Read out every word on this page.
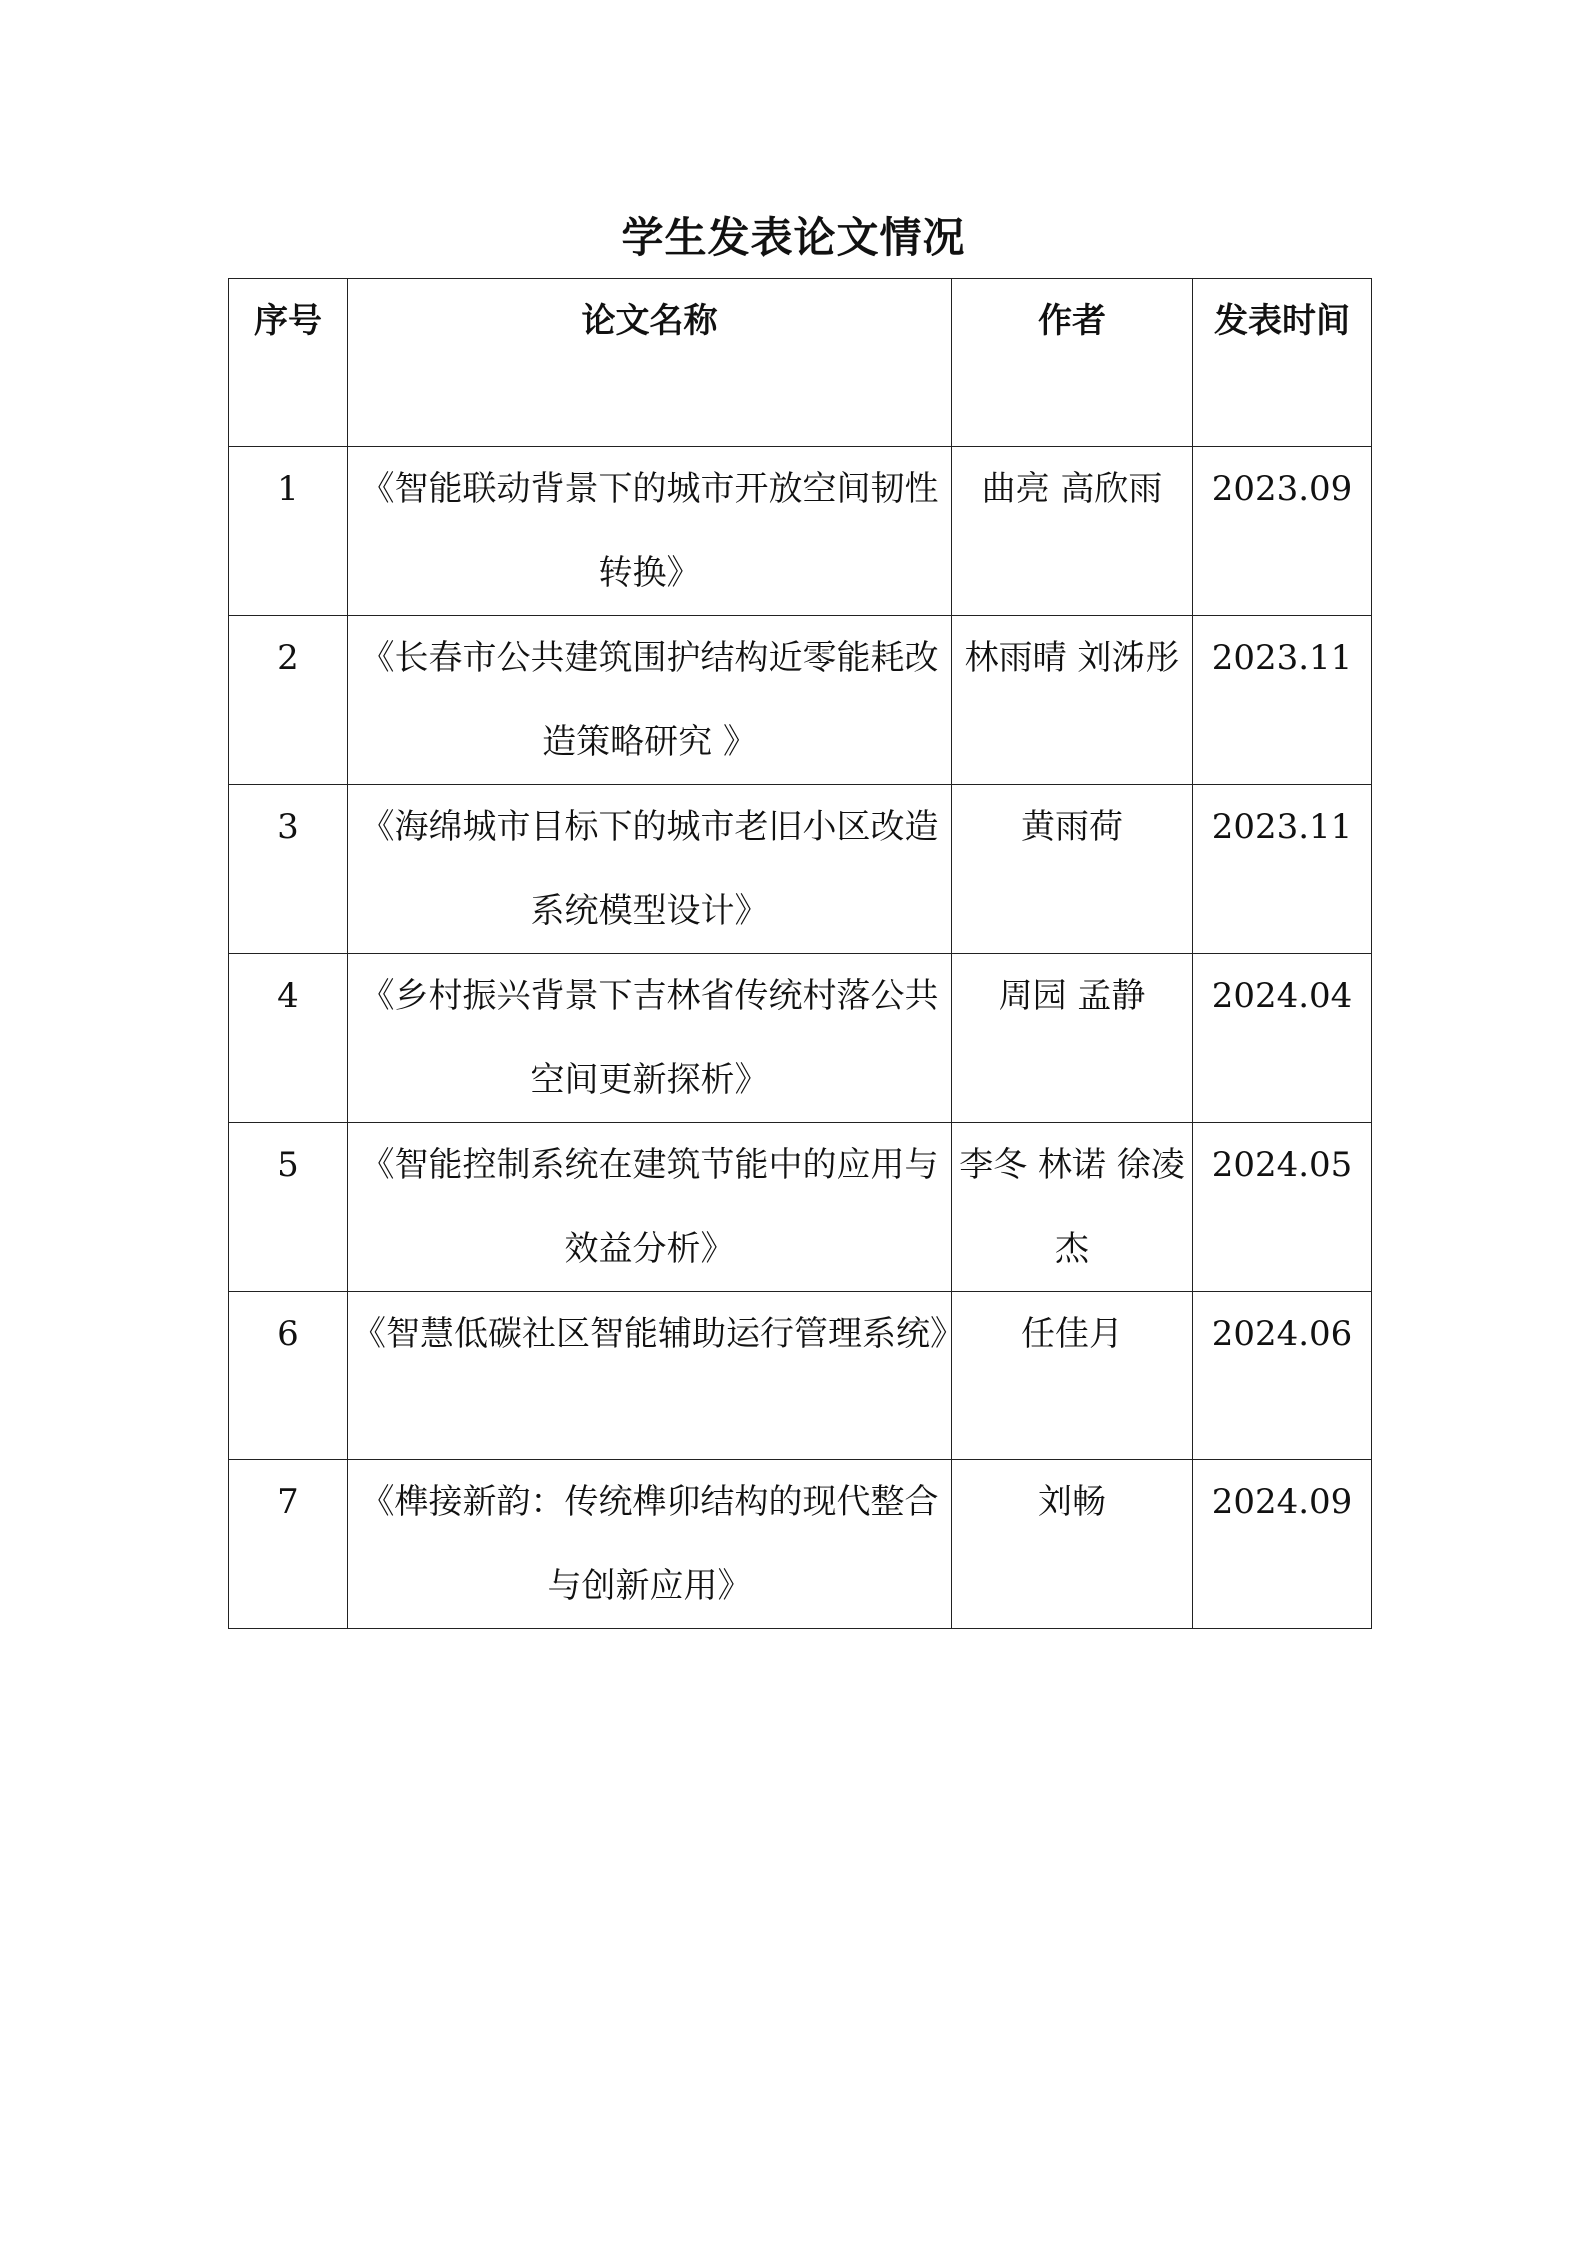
学生发表论文情况
序号	论文名称	作者	发表时间
1	《智能联动背景下的城市开放空间韧性转换》	曲亮 高欣雨	2023.09
2	《长春市公共建筑围护结构近零能耗改造策略研究 》	林雨晴 刘泲彤	2023.11
3	《海绵城市目标下的城市老旧小区改造系统模型设计》	黄雨荷	2023.11
4	《乡村振兴背景下吉林省传统村落公共空间更新探析》	周园 孟静	2024.04
5	《智能控制系统在建筑节能中的应用与效益分析》	李冬 林诺 徐凌杰	2024.05
6	《智慧低碳社区智能辅助运行管理系统》	任佳月	2024.06
7	《榫接新韵：传统榫卯结构的现代整合与创新应用》	刘畅	2024.09
